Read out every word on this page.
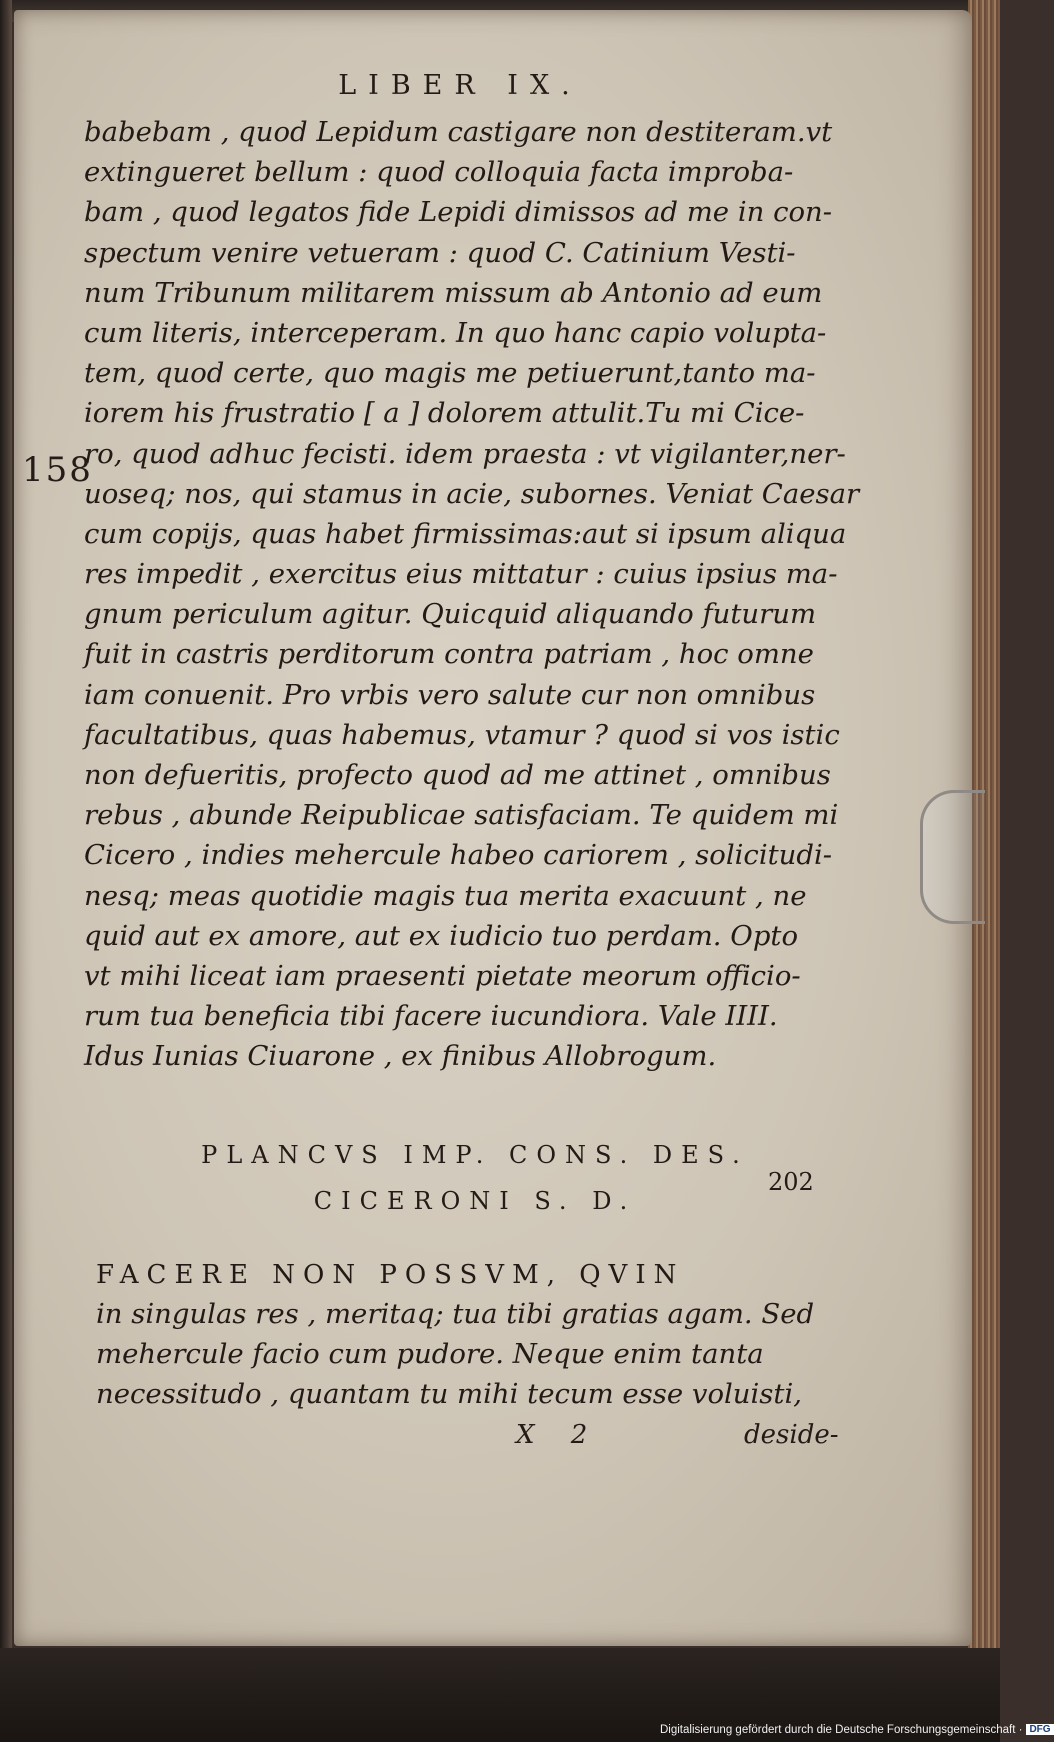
LIBER IX.
158
babebam , quod Lepidum castigare non destiteram.vt
extingueret bellum : quod colloquia facta improba-
bam , quod legatos fide Lepidi dimissos ad me in con-
spectum venire vetueram : quod C. Catinium Vesti-
num Tribunum militarem missum ab Antonio ad eum
cum literis, interceperam. In quo hanc capio volupta-
tem, quod certe, quo magis me petiuerunt,tanto ma-
iorem his frustratio [ a ] dolorem attulit.Tu mi Cice-
ro, quod adhuc fecisti. idem praesta : vt vigilanter,ner-
uoseq; nos, qui stamus in acie, subornes. Veniat Caesar
cum copijs, quas habet firmissimas:aut si ipsum aliqua
res impedit , exercitus eius mittatur : cuius ipsius ma-
gnum periculum agitur. Quicquid aliquando futurum
fuit in castris perditorum contra patriam , hoc omne
iam conuenit. Pro vrbis vero salute cur non omnibus
facultatibus, quas habemus, vtamur ? quod si vos istic
non defueritis, profecto quod ad me attinet , omnibus
rebus , abunde Reipublicae satisfaciam. Te quidem mi
Cicero , indies mehercule habeo cariorem , solicitudi-
nesq; meas quotidie magis tua merita exacuunt , ne
quid aut ex amore, aut ex iudicio tuo perdam. Opto
vt mihi liceat iam praesenti pietate meorum officio-
rum tua beneficia tibi facere iucundiora. Vale IIII.
Idus Iunias Ciuarone , ex finibus Allobrogum.
PLANCVS IMP. CONS. DES.
CICERONI S. D.
202
FACERE NON POSSVM, QVIN
in singulas res , meritaq; tua tibi gratias agam. Sed
mehercule facio cum pudore. Neque enim tanta
necessitudo , quantam tu mihi tecum esse voluisti,
X 2	deside-
Digitalisierung gefördert durch die Deutsche Forschungsgemeinschaft · DFG
